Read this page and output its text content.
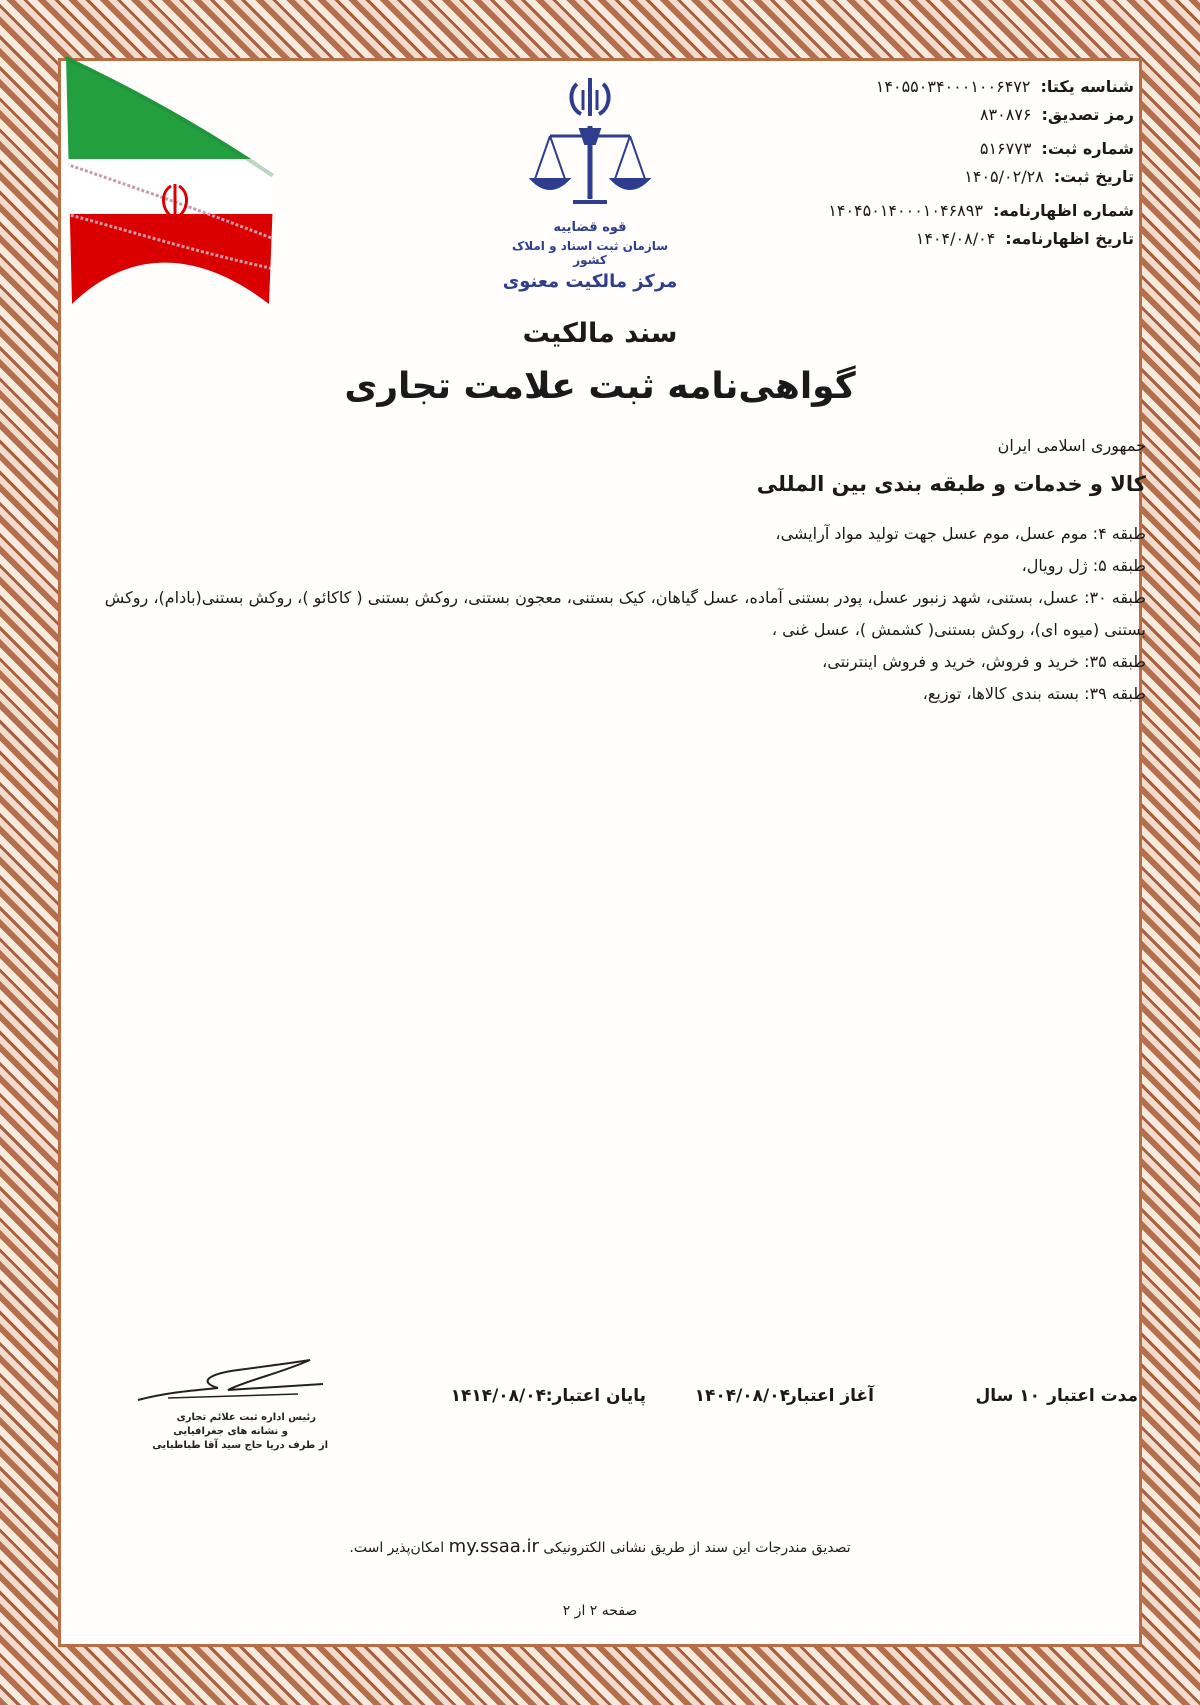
قوه قضاییه
سازمان ثبت اسناد و املاک کشور
مرکز مالکیت معنوی
شناسه یکتا:
۱۴۰۵۵۰۳۴۰۰۰۱۰۰۶۴۷۲
رمز تصدیق:
۸۳۰۸۷۶
شماره ثبت:
۵۱۶۷۷۳
تاریخ ثبت:
۱۴۰۵/۰۲/۲۸
شماره اظهارنامه:
۱۴۰۴۵۰۱۴۰۰۰۱۰۴۶۸۹۳
تاریخ اظهارنامه:
۱۴۰۴/۰۸/۰۴
سند مالکیت
گواهی‌نامه ثبت علامت تجاری
جمهوری اسلامی ایران
کالا و خدمات و طبقه بندی بین المللی

طبقه ۴: موم عسل، موم عسل جهت تولید مواد آرایشی،

طبقه ۵: ژل رویال،

طبقه ۳۰: عسل، بستنی، شهد زنبور عسل، پودر بستنی آماده، عسل گیاهان، کیک بستنی، معجون بستنی، روکش بستنی ( کاکائو )، روکش بستنی(بادام)، روکش بستنی (میوه ای)، روکش بستنی( کشمش )، عسل غنی ،

طبقه ۳۵: خرید و فروش، خرید و فروش اینترنتی،

طبقه ۳۹: بسته بندی کالاها، توزیع،

مدت اعتبار
۱۰ سال
آغاز اعتبار:
۱۴۰۴/۰۸/۰۴
پایان اعتبار:
۱۴۱۴/۰۸/۰۴
رئیس اداره ثبت علائم تجاری
و نشانه های جغرافیایی
از طرف دریا حاج سید آقا طباطبایی
تصدیق مندرجات این سند از طریق نشانی الکترونیکی my.ssaa.ir امکان‌پذیر است.
صفحه ۲ از ۲
